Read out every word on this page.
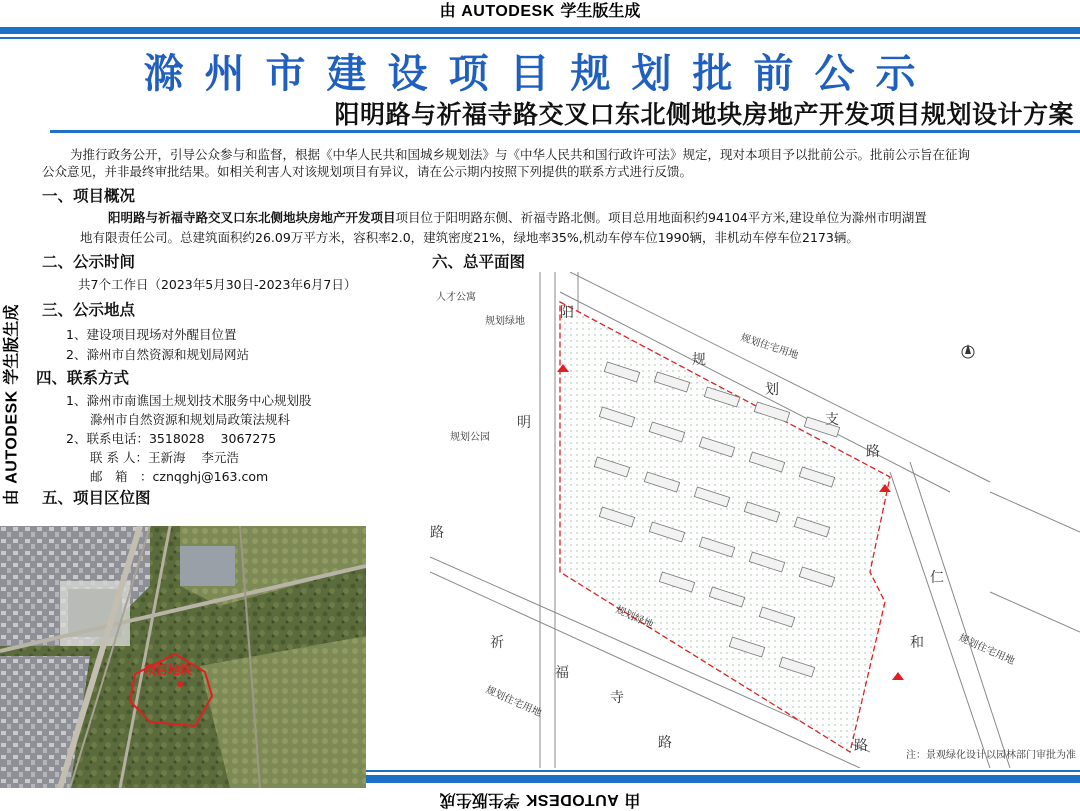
由 AUTODESK 学生版生成
由 AUTODESK 学生版生成
由 AUTODESK 学生版生成
滁州市建设项目规划批前公示
阳明路与祈福寺路交叉口东北侧地块房地产开发项目规划设计方案
为推行政务公开，引导公众参与和监督，根据《中华人民共和国城乡规划法》与《中华人民共和国行政许可法》规定，现对本项目予以批前公示。批前公示旨在征询
公众意见，并非最终审批结果。如相关利害人对该规划项目有异议，请在公示期内按照下列提供的联系方式进行反馈。
一、项目概况
阳明路与祈福寺路交叉口东北侧地块房地产开发项目项目位于阳明路东侧、祈福寺路北侧。项目总用地面积约94104平方米,建设单位为滁州市明湖置
地有限责任公司。总建筑面积约26.09万平方米，容积率2.0，建筑密度21%，绿地率35%,机动车停车位1990辆，非机动车停车位2173辆。
二、公示时间
共7个工作日（2023年5月30日-2023年6月7日）
三、公示地点
1、建设项目现场对外醒目位置
2、滁州市自然资源和规划局网站
四、联系方式
1、滁州市南谯国土规划技术服务中心规划股
滁州市自然资源和规划局政策法规科
2、联系电话：3518028 3067275
联 系 人：王新海 李元浩
邮　箱　：cznqghj@163.com
五、项目区位图
六、总平面图
项目地块
人才公寓
规划绿地
规划住宅用地
规划公园
规划绿地
规划住宅用地
规划住宅用地
阳
明
路
规
划
支
路
祈
福
寺
路
仁
和
路
注：景观绿化设计以园林部门审批为准
